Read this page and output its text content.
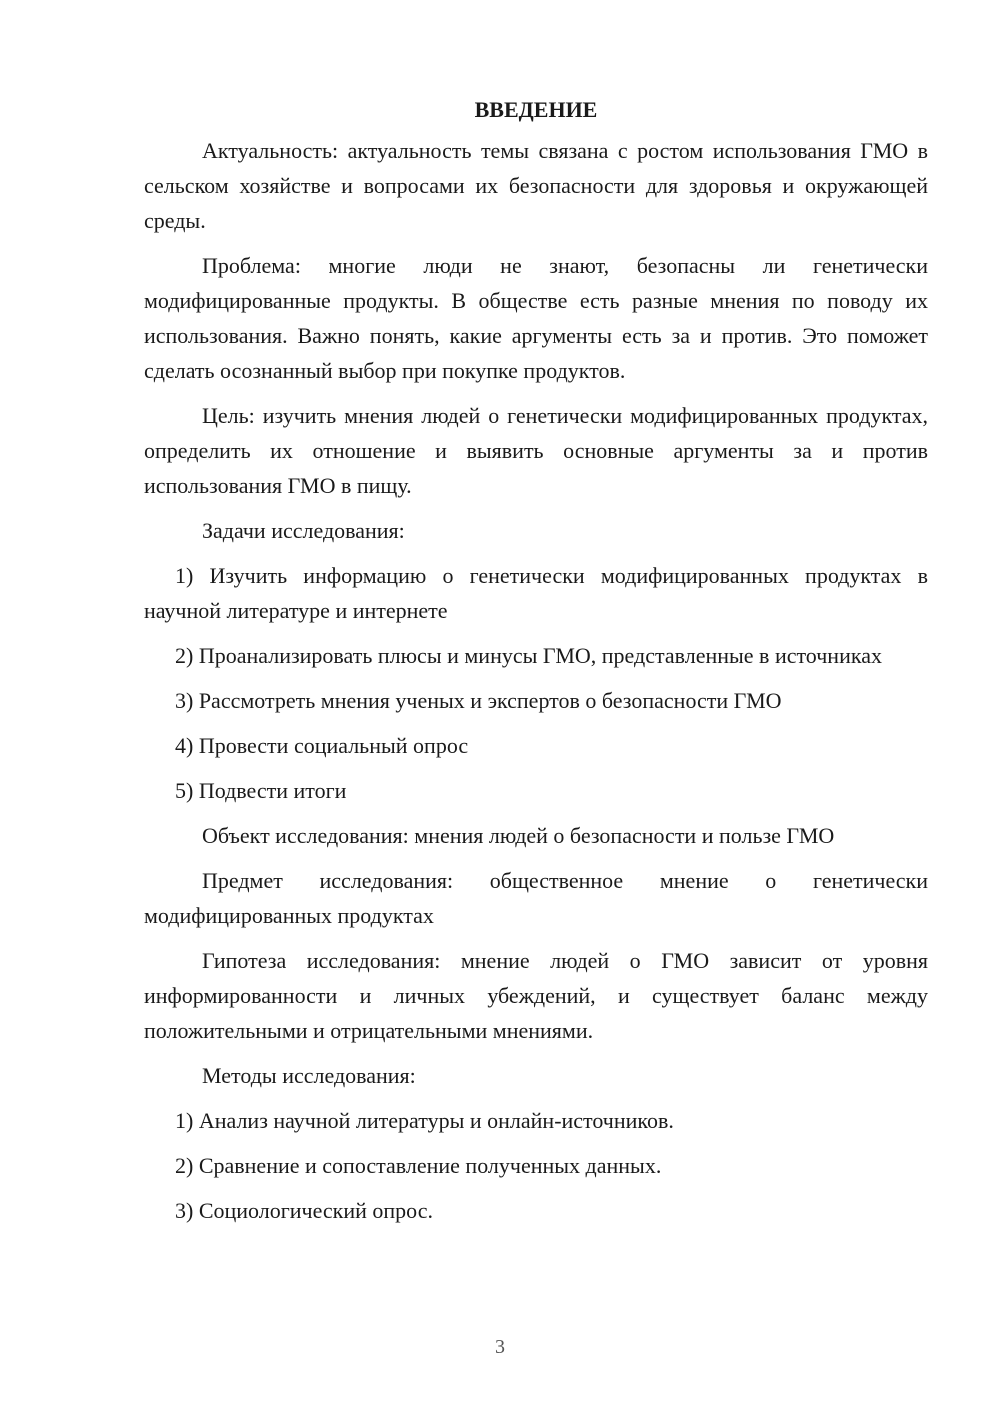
ВВЕДЕНИЕ

Актуальность: актуальность темы связана с ростом использования ГМО в сельском хозяйстве и вопросами их безопасности для здоровья и окружающей среды.

Проблема: многие люди не знают, безопасны ли генетически модифицированные продукты. В обществе есть разные мнения по поводу их использования. Важно понять, какие аргументы есть за и против. Это поможет сделать осознанный выбор при покупке продуктов.

Цель: изучить мнения людей о генетически модифицированных продуктах, определить их отношение и выявить основные аргументы за и против использования ГМО в пищу.

Задачи исследования:

1) Изучить информацию о генетически модифицированных продуктах в научной литературе и интернете

2) Проанализировать плюсы и минусы ГМО, представленные в источниках

3) Рассмотреть мнения ученых и экспертов о безопасности ГМО

4) Провести социальный опрос

5) Подвести итоги

Объект исследования: мнения людей о безопасности и пользе ГМО

Предмет исследования: общественное мнение о генетически модифицированных продуктах

Гипотеза исследования: мнение людей о ГМО зависит от уровня информированности и личных убеждений, и существует баланс между положительными и отрицательными мнениями.

Методы исследования:

1) Анализ научной литературы и онлайн-источников.

2) Сравнение и сопоставление полученных данных.

3) Социологический опрос.

3
